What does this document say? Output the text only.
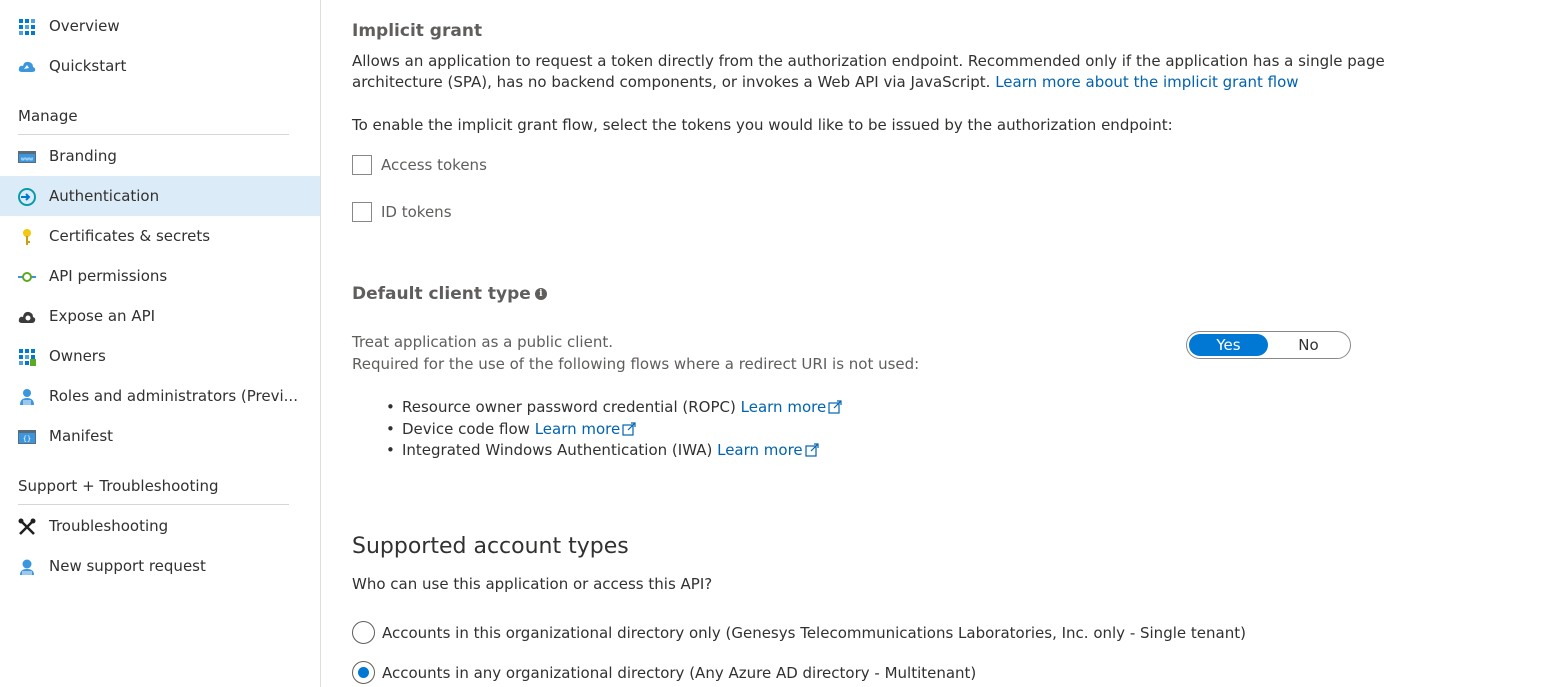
Overview
Quickstart
Manage
www Branding
Authentication
Certificates & secrets
API permissions
Expose an API
Owners
Roles and administrators (Previ...
{} Manifest
Support + Troubleshooting
Troubleshooting
New support request
Implicit grant
Allows an application to request a token directly from the authorization endpoint. Recommended only if the application has a single page
architecture (SPA), has no backend components, or invokes a Web API via JavaScript. Learn more about the implicit grant flow
To enable the implicit grant flow, select the tokens you would like to be issued by the authorization endpoint:
Access tokens
ID tokens
Default client type i
Treat application as a public client.
Required for the use of the following flows where a redirect URI is not used:
Yes	No
• Resource owner password credential (ROPC) Learn more
• Device code flow Learn more
• Integrated Windows Authentication (IWA) Learn more
Supported account types
Who can use this application or access this API?
Accounts in this organizational directory only (Genesys Telecommunications Laboratories, Inc. only - Single tenant)
Accounts in any organizational directory (Any Azure AD directory - Multitenant)
